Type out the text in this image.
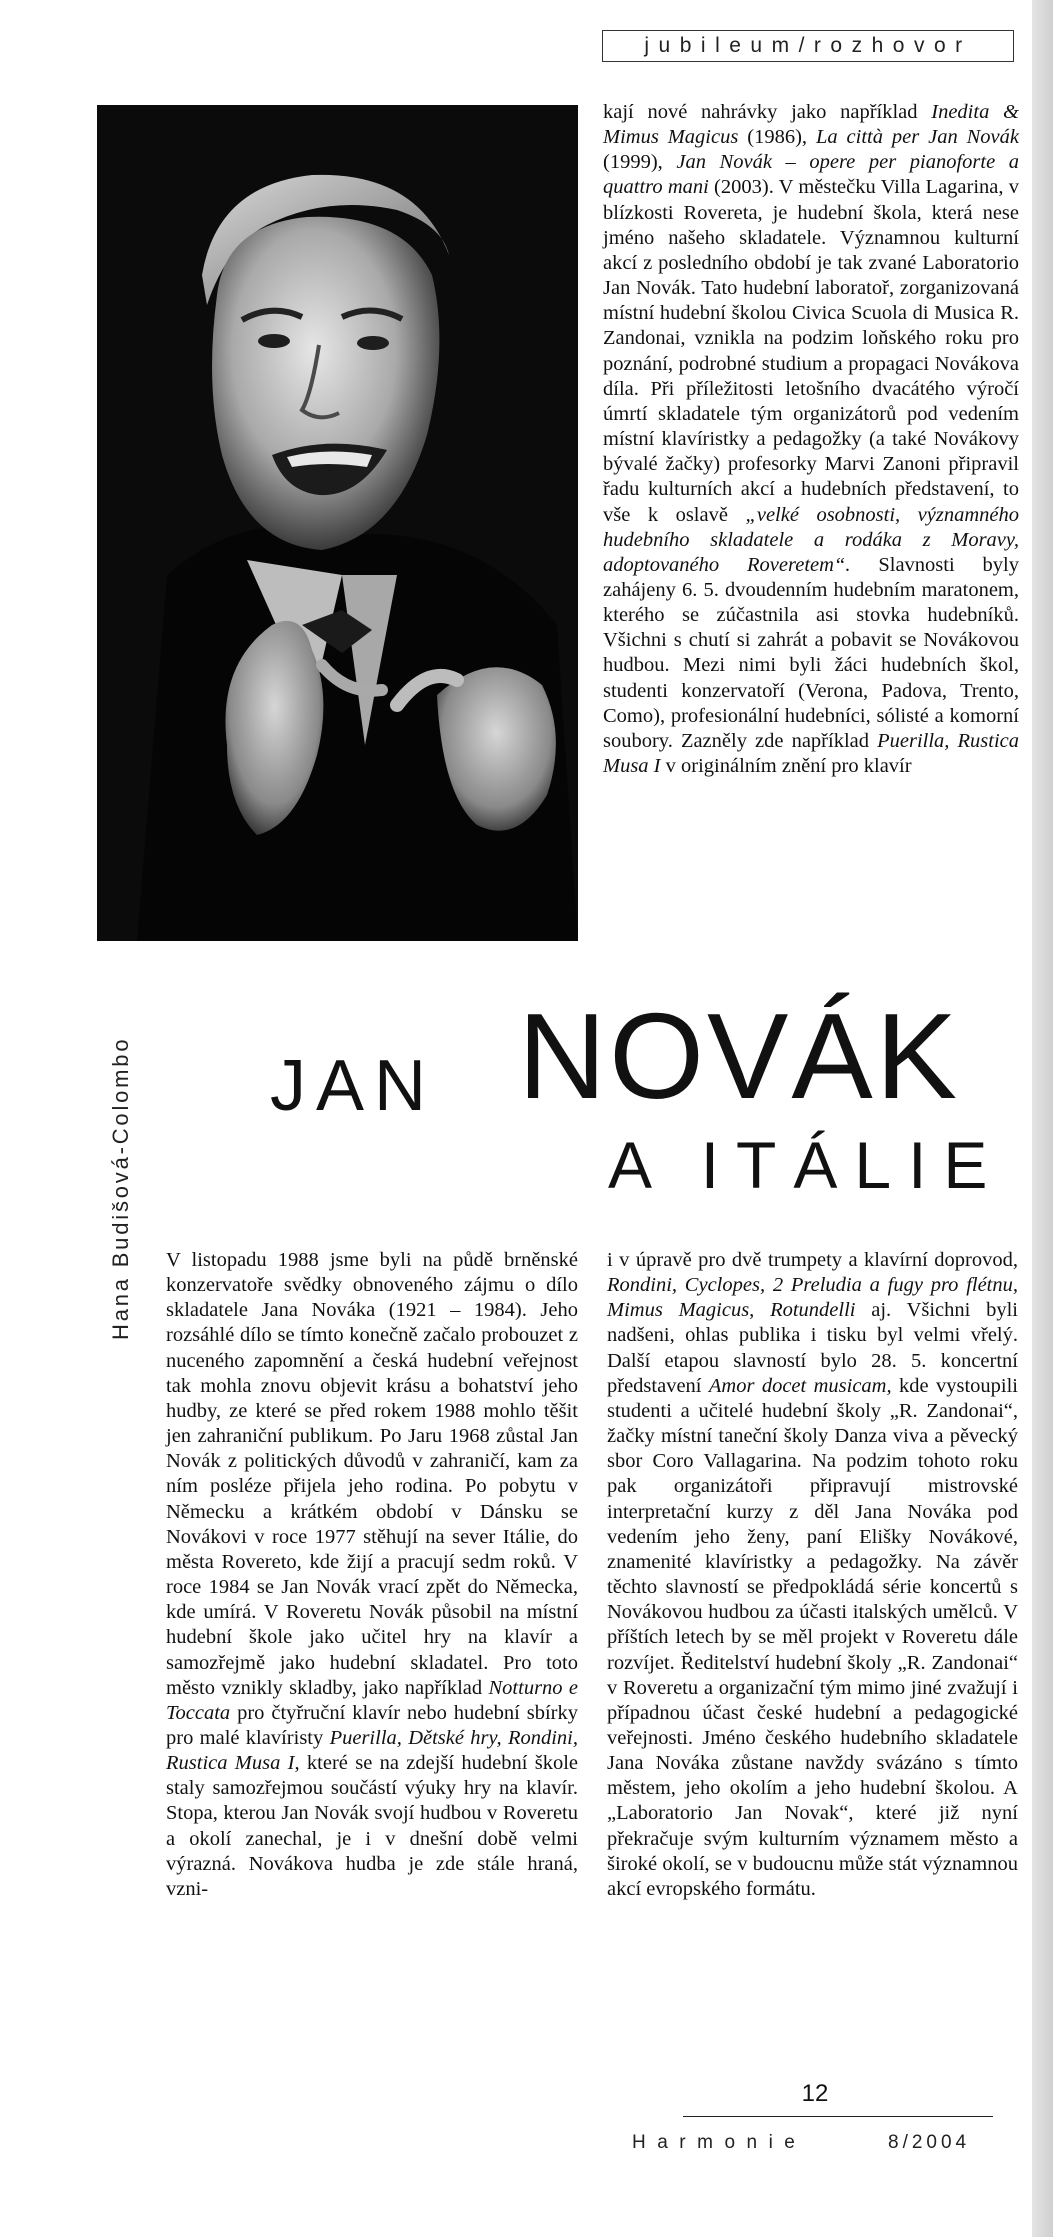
jubileum/rozhovor

kají nové nahrávky jako například Inedita & Mimus Magicus (1986), La città per Jan Novák (1999), Jan Novák – opere per pianoforte a quattro mani (2003). V městečku Villa Lagarina, v blízkosti Rovereta, je hudební škola, která nese jméno našeho skladatele. Významnou kulturní akcí z posledního období je tak zvané Laboratorio Jan Novák. Tato hudební laboratoř, zorganizovaná místní hudební školou Civica Scuola di Musica R. Zandonai, vznikla na podzim loňského roku pro poznání, podrobné studium a propagaci Novákova díla. Při příležitosti letošního dvacátého výročí úmrtí skladatele tým organizátorů pod vedením místní klavíristky a pedagožky (a také Novákovy bývalé žačky) profesorky Marvi Zanoni připravil řadu kulturních akcí a hudebních představení, to vše k oslavě „velké osobnosti, významného hudebního skladatele a rodáka z Moravy, adoptovaného Roveretem“. Slavnosti byly zahájeny 6. 5. dvoudenním hudebním maratonem, kterého se zúčastnila asi stovka hudebníků. Všichni s chutí si zahrát a pobavit se Novákovou hudbou. Mezi nimi byli žáci hudebních škol, studenti konzervatoří (Verona, Padova, Trento, Como), profesionální hudebníci, sólisté a komorní soubory. Zazněly zde například Puerilla, Rustica Musa I v originálním znění pro klavír

Hana Budišová-Colombo JAN NOVÁK
A ITÁLIE

V listopadu 1988 jsme byli na půdě brněnské konzervatoře svědky obnoveného zájmu o dílo skladatele Jana Nováka (1921 – 1984). Jeho rozsáhlé dílo se tímto konečně začalo probouzet z nuceného zapomnění a česká hudební veřejnost tak mohla znovu objevit krásu a bohatství jeho hudby, ze které se před rokem 1988 mohlo těšit jen zahraniční publikum. Po Jaru 1968 zůstal Jan Novák z politických důvodů v zahraničí, kam za ním posléze přijela jeho rodina. Po pobytu v Německu a krátkém období v Dánsku se Novákovi v roce 1977 stěhují na sever Itálie, do města Rovereto, kde žijí a pracují sedm roků. V roce 1984 se Jan Novák vrací zpět do Německa, kde umírá. V Roveretu Novák působil na místní hudební škole jako učitel hry na klavír a samozřejmě jako hudební skladatel. Pro toto město vznikly skladby, jako například Notturno e Toccata pro čtyřruční klavír nebo hudební sbírky pro malé klavíristy Puerilla, Dětské hry, Rondini, Rustica Musa I, které se na zdejší hudební škole staly samozřejmou součástí výuky hry na klavír. Stopa, kterou Jan Novák svojí hudbou v Roveretu a okolí zanechal, je i v dnešní době velmi výrazná. Novákova hudba je zde stále hraná, vzni-

i v úpravě pro dvě trumpety a klavírní doprovod, Rondini, Cyclopes, 2 Preludia a fugy pro flétnu, Mimus Magicus, Rotundelli aj. Všichni byli nadšeni, ohlas publika i tisku byl velmi vřelý. Další etapou slavností bylo 28. 5. koncertní představení Amor docet musicam, kde vystoupili studenti a učitelé hudební školy „R. Zandonai“, žačky místní taneční školy Danza viva a pěvecký sbor Coro Vallagarina. Na podzim tohoto roku pak organizátoři připravují mistrovské interpretační kurzy z děl Jana Nováka pod vedením jeho ženy, paní Elišky Novákové, znamenité klavíristky a pedagožky. Na závěr těchto slavností se předpokládá série koncertů s Novákovou hudbou za účasti italských umělců. V příštích letech by se měl projekt v Roveretu dále rozvíjet. Ředitelství hudební školy „R. Zandonai“ v Roveretu a organizační tým mimo jiné zvažují i případnou účast české hudební a pedagogické veřejnosti. Jméno českého hudebního skladatele Jana Nováka zůstane navždy svázáno s tímto městem, jeho okolím a jeho hudební školou. A „Laboratorio Jan Novak“, které již nyní překračuje svým kulturním významem město a široké okolí, se v budoucnu může stát významnou akcí evropského formátu.

12
Harmonie	8/2004
